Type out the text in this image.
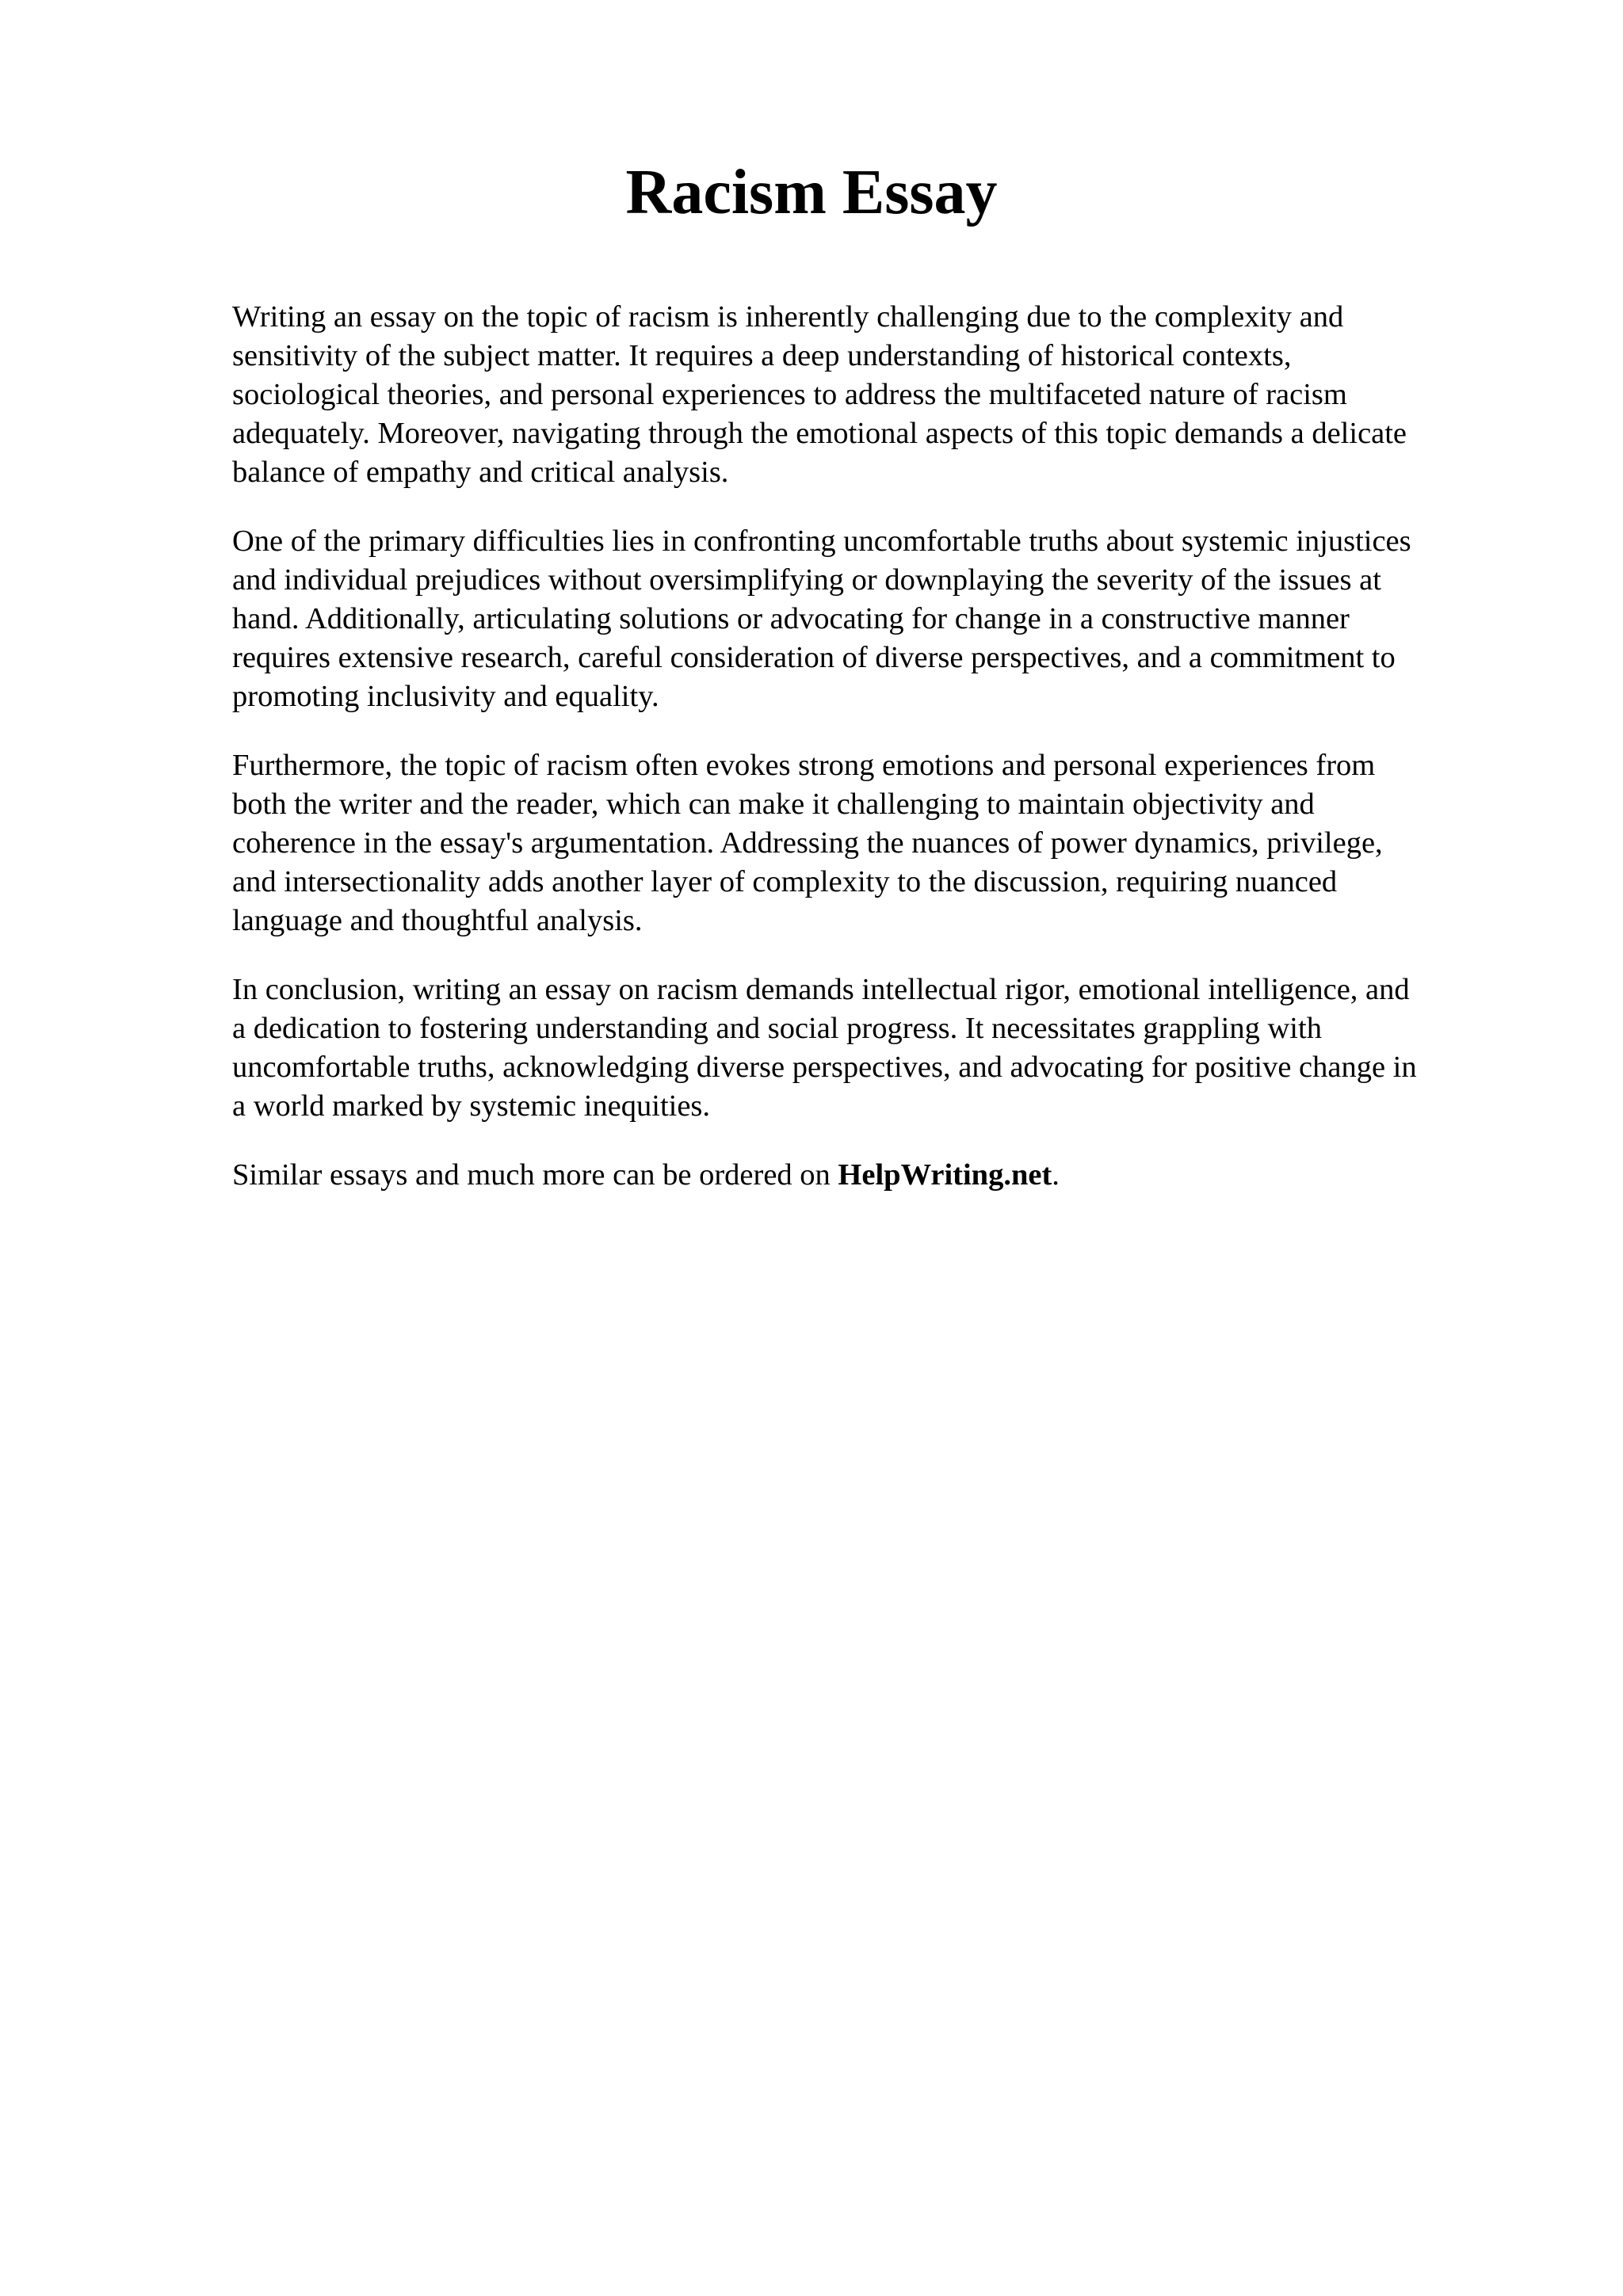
Racism Essay

Writing an essay on the topic of racism is inherently challenging due to the complexity and
sensitivity of the subject matter. It requires a deep understanding of historical contexts,
sociological theories, and personal experiences to address the multifaceted nature of racism
adequately. Moreover, navigating through the emotional aspects of this topic demands a delicate
balance of empathy and critical analysis.

One of the primary difficulties lies in confronting uncomfortable truths about systemic injustices
and individual prejudices without oversimplifying or downplaying the severity of the issues at
hand. Additionally, articulating solutions or advocating for change in a constructive manner
requires extensive research, careful consideration of diverse perspectives, and a commitment to
promoting inclusivity and equality.

Furthermore, the topic of racism often evokes strong emotions and personal experiences from
both the writer and the reader, which can make it challenging to maintain objectivity and
coherence in the essay's argumentation. Addressing the nuances of power dynamics, privilege,
and intersectionality adds another layer of complexity to the discussion, requiring nuanced
language and thoughtful analysis.

In conclusion, writing an essay on racism demands intellectual rigor, emotional intelligence, and
a dedication to fostering understanding and social progress. It necessitates grappling with
uncomfortable truths, acknowledging diverse perspectives, and advocating for positive change in
a world marked by systemic inequities.

Similar essays and much more can be ordered on HelpWriting.net.
